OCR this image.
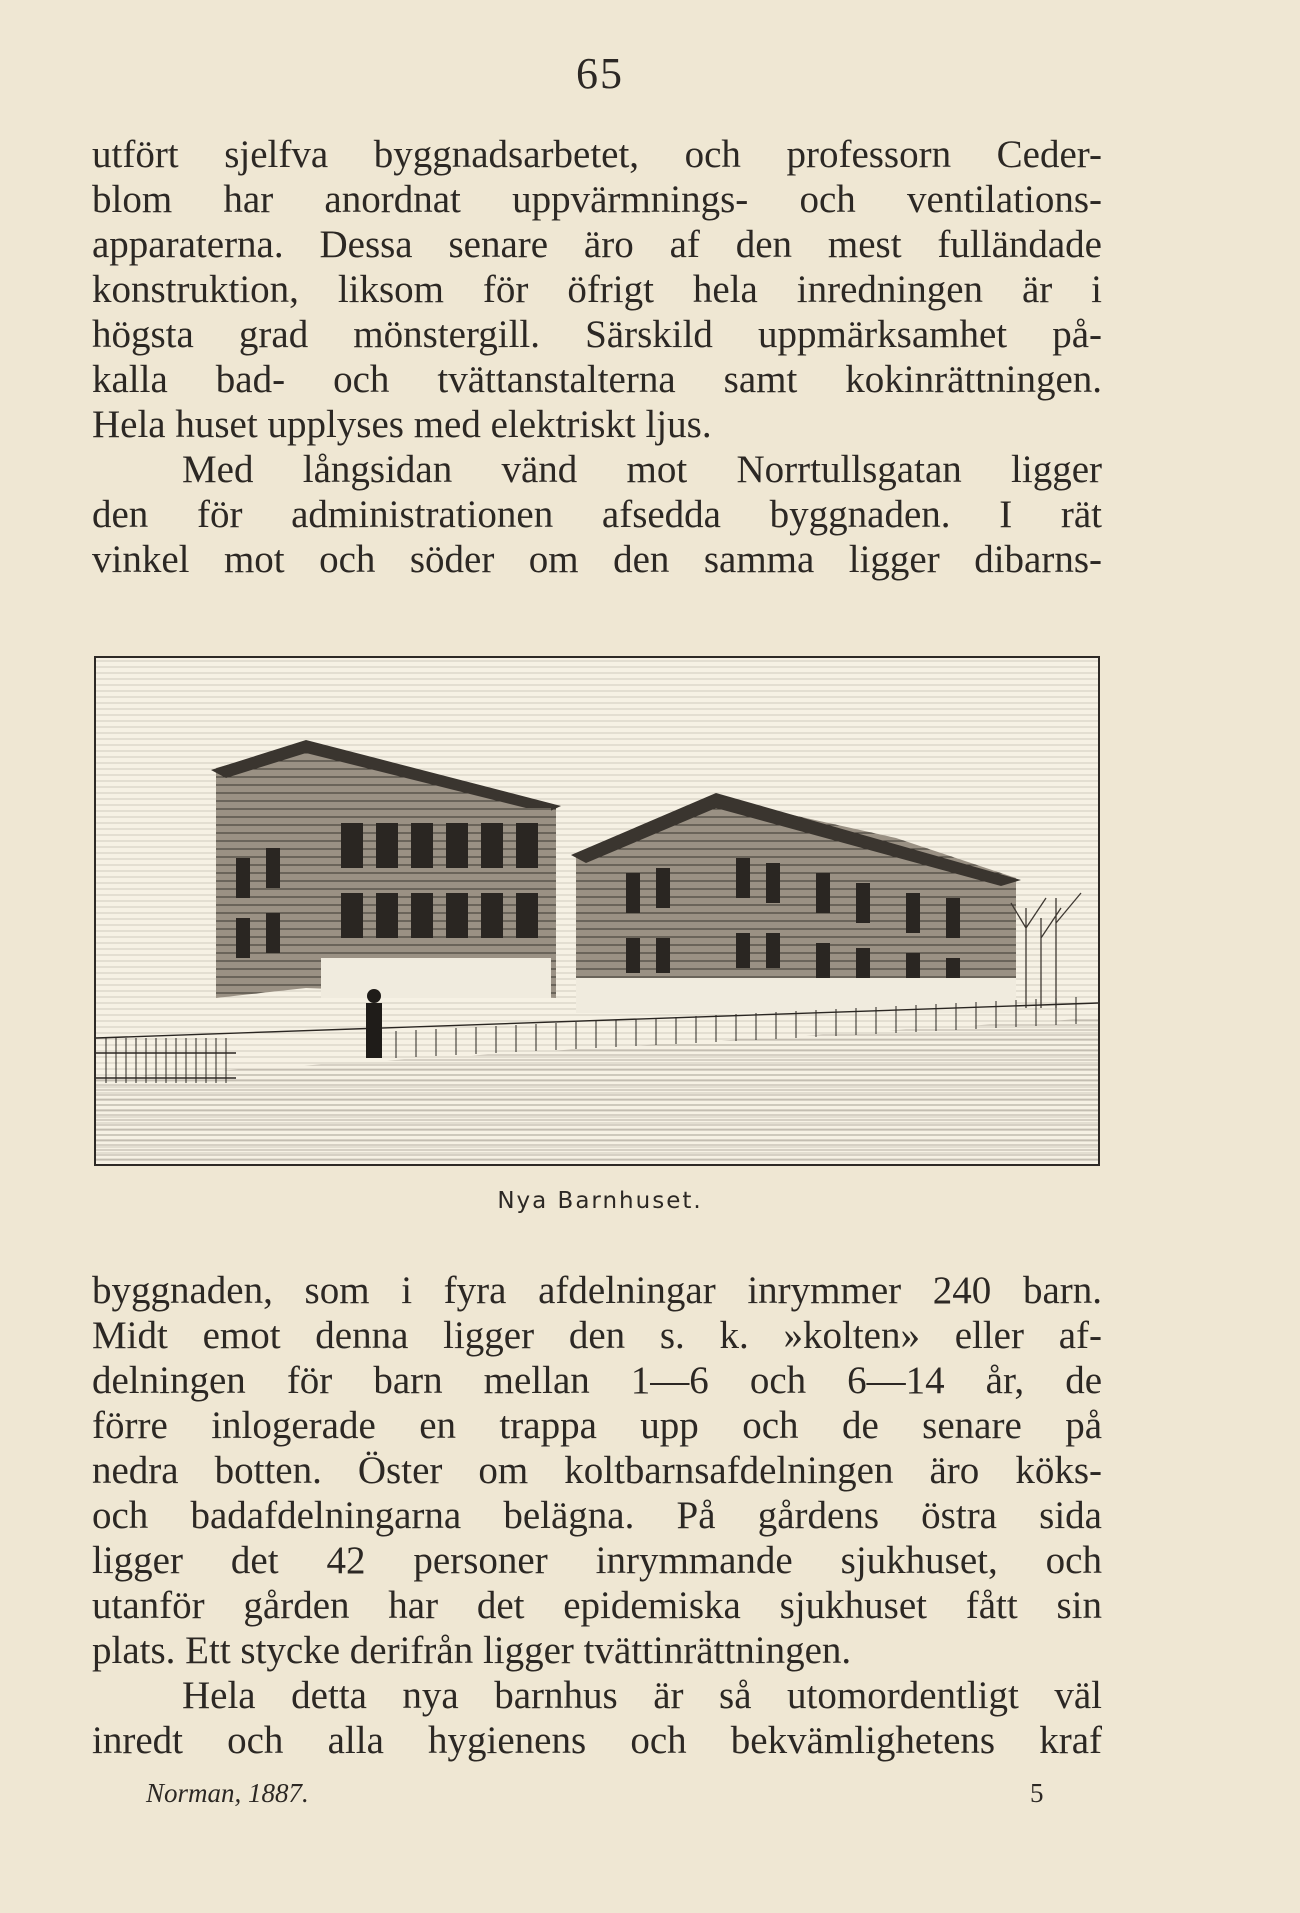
65

utfört sjelfva byggnadsarbetet, och professorn Ceder-
blom har anordnat uppvärmnings- och ventilations-
apparaterna. Dessa senare äro af den mest fulländade
konstruktion, liksom för öfrigt hela inredningen är i
högsta grad mönstergill. Särskild uppmärksamhet på-
kalla bad- och tvättanstalterna samt kokinrättningen.
Hela huset upplyses med elektriskt ljus.

Med långsidan vänd mot Norrtullsgatan ligger
den för administrationen afsedda byggnaden. I rät
vinkel mot och söder om den samma ligger dibarns-

Nya Barnhuset.

byggnaden, som i fyra afdelningar inrymmer 240 barn.
Midt emot denna ligger den s. k. »kolten» eller af-
delningen för barn mellan 1—6 och 6—14 år, de
förre inlogerade en trappa upp och de senare på
nedra botten. Öster om koltbarnsafdelningen äro köks-
och badafdelningarna belägna. På gårdens östra sida
ligger det 42 personer inrymmande sjukhuset, och
utanför gården har det epidemiska sjukhuset fått sin
plats. Ett stycke derifrån ligger tvättinrättningen.

Hela detta nya barnhus är så utomordentligt väl
inredt och alla hygienens och bekvämlighetens kraf

Norman, 1887.	5
